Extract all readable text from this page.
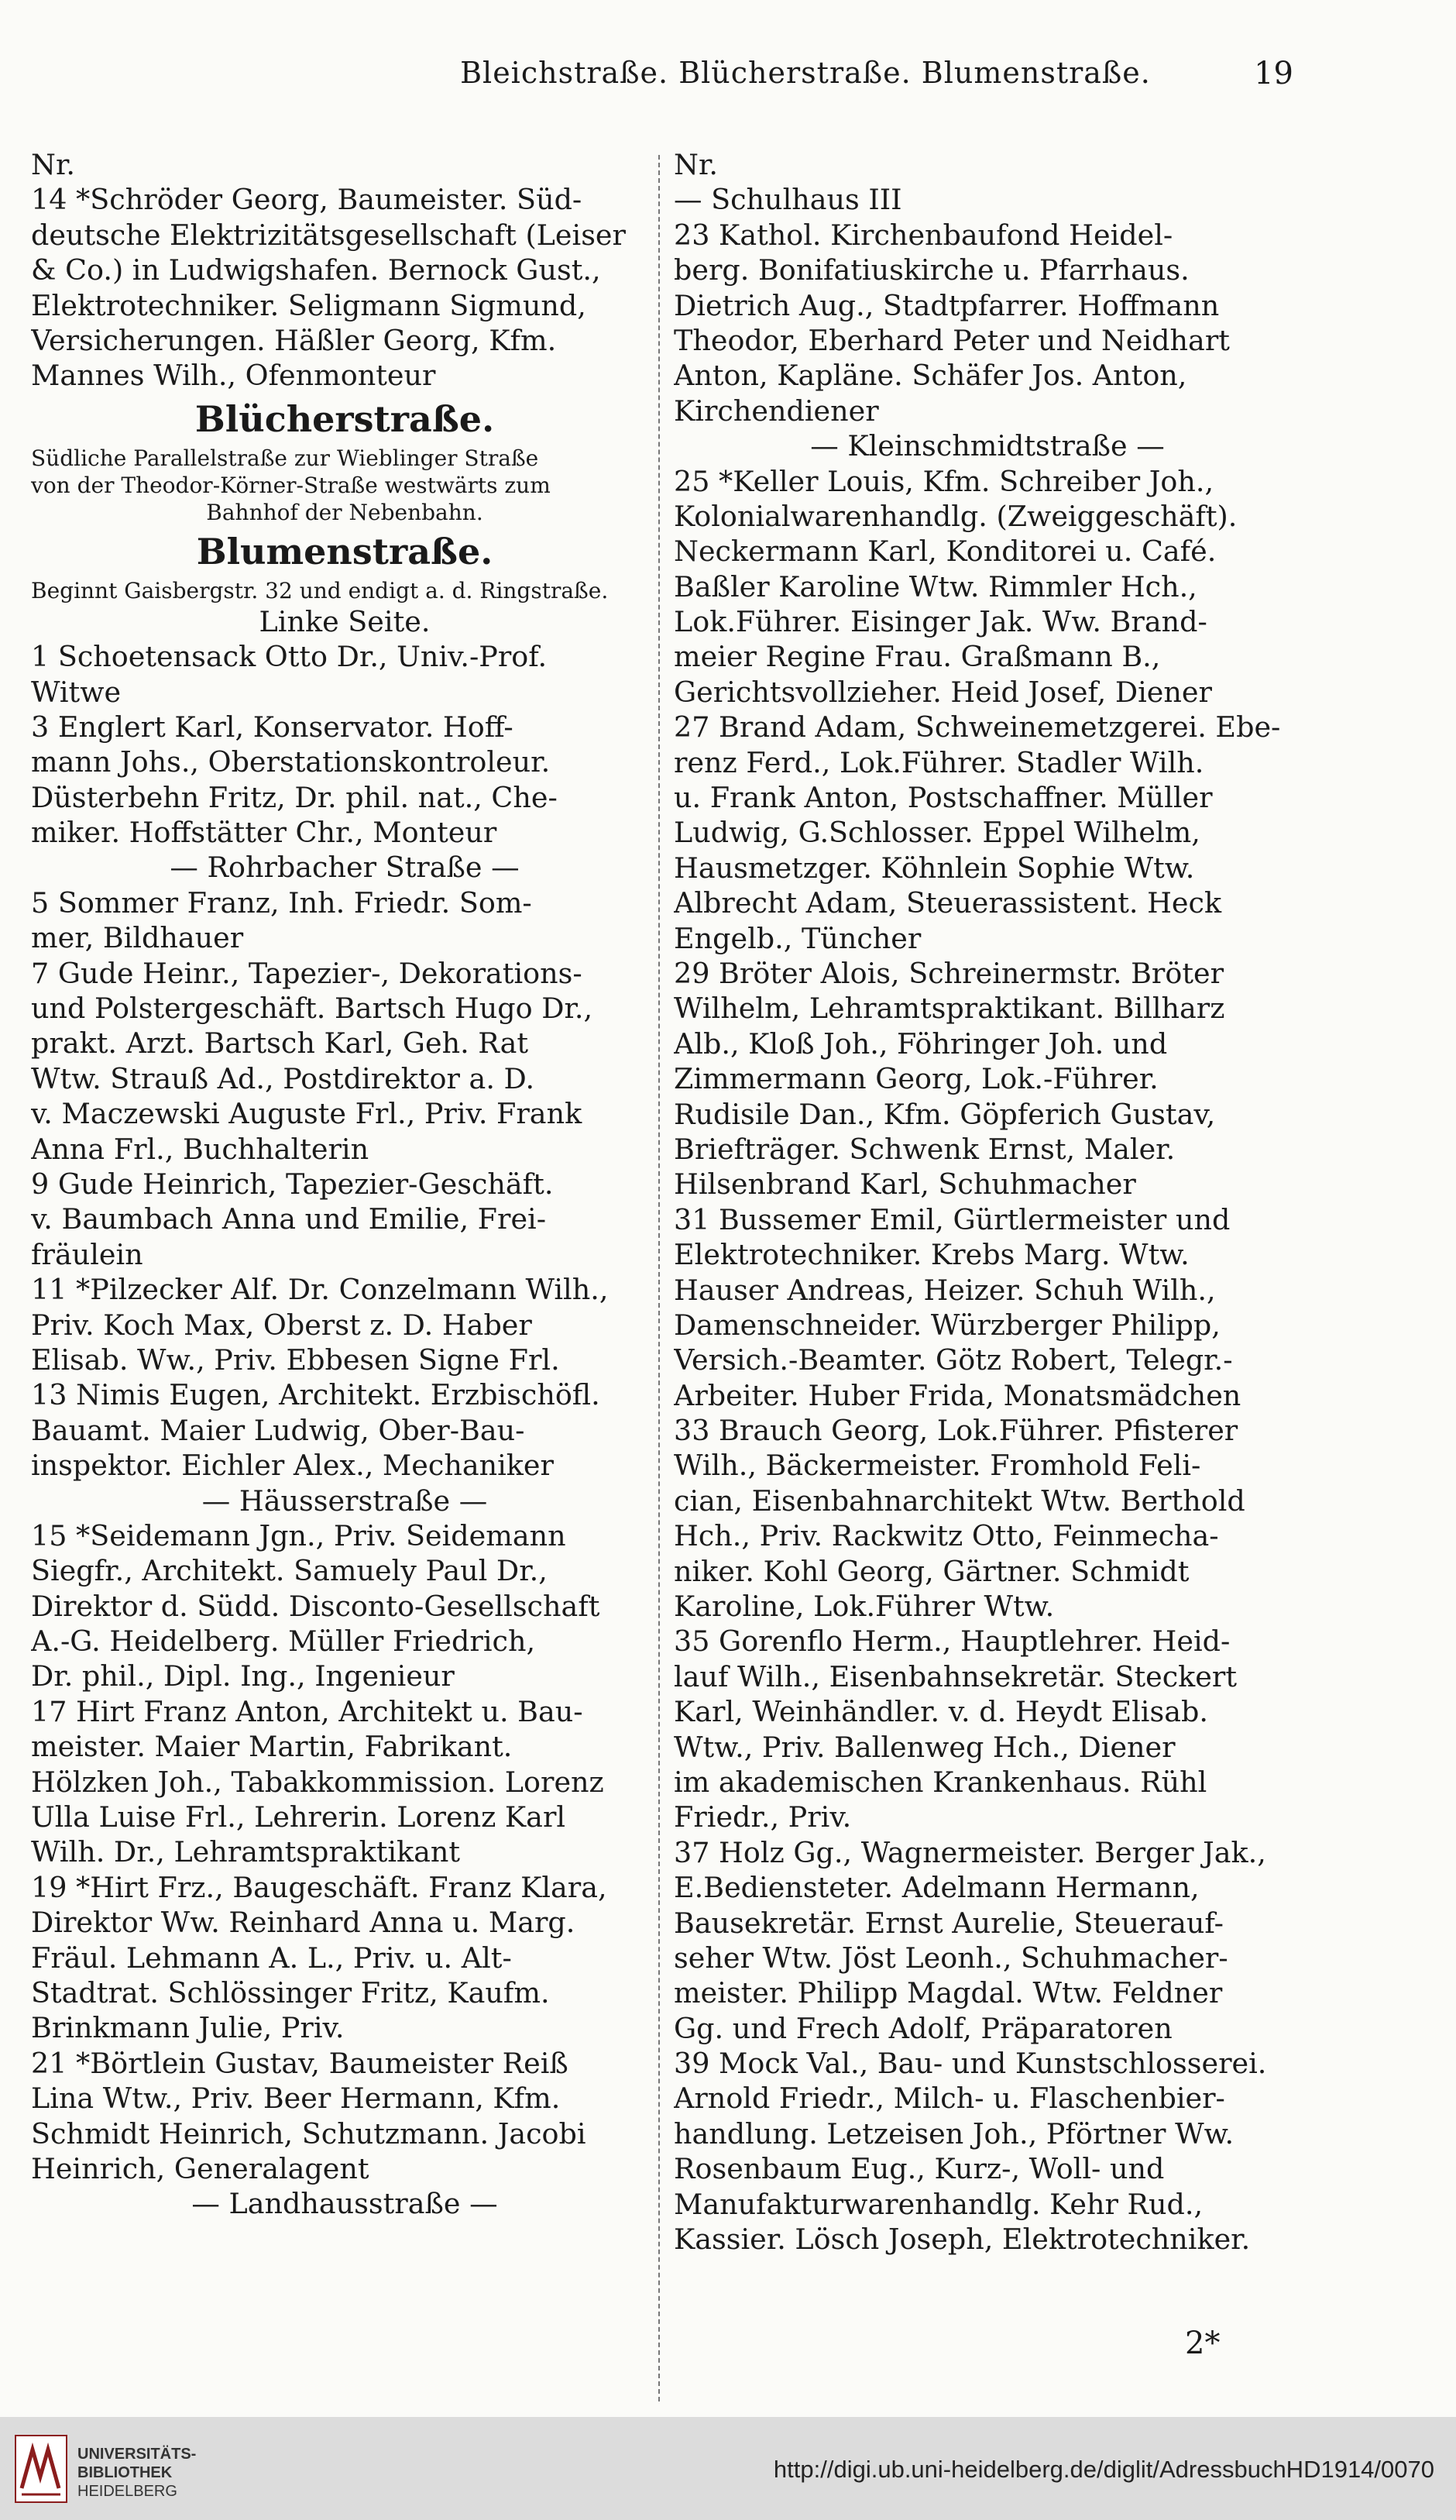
Bleichstraße. Blücherstraße. Blumenstraße.	19
Nr.
14 *Schröder Georg, Baumeister. Süd-
deutsche Elektrizitätsgesellschaft (Leiser
& Co.) in Ludwigshafen. Bernock Gust.,
Elektrotechniker. Seligmann Sigmund,
Versicherungen. Häßler Georg, Kfm.
Mannes Wilh., Ofenmonteur
Blücherstraße.
Südliche Parallelstraße zur Wieblinger Straße
von der Theodor-Körner-Straße westwärts zum
Bahnhof der Nebenbahn.
Blumenstraße.
Beginnt Gaisbergstr. 32 und endigt a. d. Ringstraße.
Linke Seite.
1 Schoetensack Otto Dr., Univ.-Prof.
Witwe
3 Englert Karl, Konservator. Hoff-
mann Johs., Oberstationskontroleur.
Düsterbehn Fritz, Dr. phil. nat., Che-
miker. Hoffstätter Chr., Monteur
— Rohrbacher Straße —
5 Sommer Franz, Inh. Friedr. Som-
mer, Bildhauer
7 Gude Heinr., Tapezier-, Dekorations-
und Polstergeschäft. Bartsch Hugo Dr.,
prakt. Arzt. Bartsch Karl, Geh. Rat
Wtw. Strauß Ad., Postdirektor a. D.
v. Maczewski Auguste Frl., Priv. Frank
Anna Frl., Buchhalterin
9 Gude Heinrich, Tapezier-Geschäft.
v. Baumbach Anna und Emilie, Frei-
fräulein
11 *Pilzecker Alf. Dr. Conzelmann Wilh.,
Priv. Koch Max, Oberst z. D. Haber
Elisab. Ww., Priv. Ebbesen Signe Frl.
13 Nimis Eugen, Architekt. Erzbischöfl.
Bauamt. Maier Ludwig, Ober-Bau-
inspektor. Eichler Alex., Mechaniker
— Häusserstraße —
15 *Seidemann Jgn., Priv. Seidemann
Siegfr., Architekt. Samuely Paul Dr.,
Direktor d. Südd. Disconto-Gesellschaft
A.-G. Heidelberg. Müller Friedrich,
Dr. phil., Dipl. Ing., Ingenieur
17 Hirt Franz Anton, Architekt u. Bau-
meister. Maier Martin, Fabrikant.
Hölzken Joh., Tabakkommission. Lorenz
Ulla Luise Frl., Lehrerin. Lorenz Karl
Wilh. Dr., Lehramtspraktikant
19 *Hirt Frz., Baugeschäft. Franz Klara,
Direktor Ww. Reinhard Anna u. Marg.
Fräul. Lehmann A. L., Priv. u. Alt-
Stadtrat. Schlössinger Fritz, Kaufm.
Brinkmann Julie, Priv.
21 *Börtlein Gustav, Baumeister Reiß
Lina Wtw., Priv. Beer Hermann, Kfm.
Schmidt Heinrich, Schutzmann. Jacobi
Heinrich, Generalagent
— Landhausstraße —
Nr.
— Schulhaus III
23 Kathol. Kirchenbaufond Heidel-
berg. Bonifatiuskirche u. Pfarrhaus.
Dietrich Aug., Stadtpfarrer. Hoffmann
Theodor, Eberhard Peter und Neidhart
Anton, Kapläne. Schäfer Jos. Anton,
Kirchendiener
— Kleinschmidtstraße —
25 *Keller Louis, Kfm. Schreiber Joh.,
Kolonialwarenhandlg. (Zweiggeschäft).
Neckermann Karl, Konditorei u. Café.
Baßler Karoline Wtw. Rimmler Hch.,
Lok.Führer. Eisinger Jak. Ww. Brand-
meier Regine Frau. Graßmann B.,
Gerichtsvollzieher. Heid Josef, Diener
27 Brand Adam, Schweinemetzgerei. Ebe-
renz Ferd., Lok.Führer. Stadler Wilh.
u. Frank Anton, Postschaffner. Müller
Ludwig, G.Schlosser. Eppel Wilhelm,
Hausmetzger. Köhnlein Sophie Wtw.
Albrecht Adam, Steuerassistent. Heck
Engelb., Tüncher
29 Bröter Alois, Schreinermstr. Bröter
Wilhelm, Lehramtspraktikant. Billharz
Alb., Kloß Joh., Föhringer Joh. und
Zimmermann Georg, Lok.-Führer.
Rudisile Dan., Kfm. Göpferich Gustav,
Briefträger. Schwenk Ernst, Maler.
Hilsenbrand Karl, Schuhmacher
31 Bussemer Emil, Gürtlermeister und
Elektrotechniker. Krebs Marg. Wtw.
Hauser Andreas, Heizer. Schuh Wilh.,
Damenschneider. Würzberger Philipp,
Versich.-Beamter. Götz Robert, Telegr.-
Arbeiter. Huber Frida, Monatsmädchen
33 Brauch Georg, Lok.Führer. Pfisterer
Wilh., Bäckermeister. Fromhold Feli-
cian, Eisenbahnarchitekt Wtw. Berthold
Hch., Priv. Rackwitz Otto, Feinmecha-
niker. Kohl Georg, Gärtner. Schmidt
Karoline, Lok.Führer Wtw.
35 Gorenflo Herm., Hauptlehrer. Heid-
lauf Wilh., Eisenbahnsekretär. Steckert
Karl, Weinhändler. v. d. Heydt Elisab.
Wtw., Priv. Ballenweg Hch., Diener
im akademischen Krankenhaus. Rühl
Friedr., Priv.
37 Holz Gg., Wagnermeister. Berger Jak.,
E.Bediensteter. Adelmann Hermann,
Bausekretär. Ernst Aurelie, Steuerauf-
seher Wtw. Jöst Leonh., Schuhmacher-
meister. Philipp Magdal. Wtw. Feldner
Gg. und Frech Adolf, Präparatoren
39 Mock Val., Bau- und Kunstschlosserei.
Arnold Friedr., Milch- u. Flaschenbier-
handlung. Letzeisen Joh., Pförtner Ww.
Rosenbaum Eug., Kurz-, Woll- und
Manufakturwarenhandlg. Kehr Rud.,
Kassier. Lösch Joseph, Elektrotechniker.
2*
UNIVERSITÄTS-
BIBLIOTHEK
HEIDELBERG
http://digi.ub.uni-heidelberg.de/diglit/AdressbuchHD1914/0070
